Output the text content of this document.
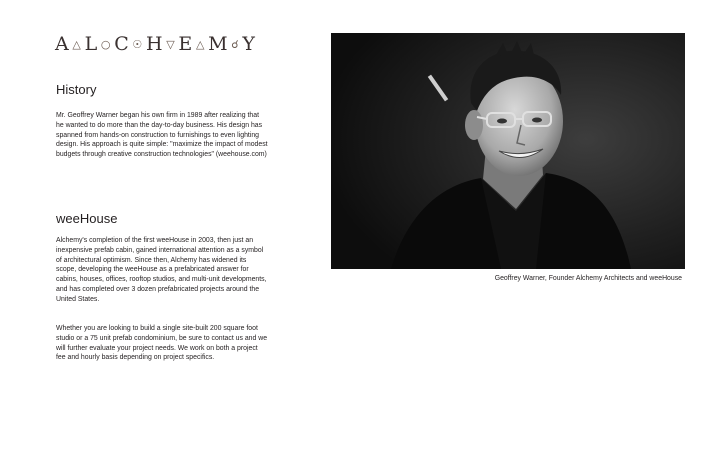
A △ L ○ C ☉ H ▽ E △ M ☌ Y
History

Mr. Geoffrey Warner began his own firm in 1989 after realizing that he wanted to do more than the day-to-day business. His design has spanned from hands-on construction to furnishings to even lighting design. His approach is quite simple: "maximize the impact of modest budgets through creative construction technologies" (weehouse.com)

weeHouse

Alchemy's completion of the first weeHouse in 2003, then just an inexpensive prefab cabin, gained international attention as a symbol of architectural optimism. Since then, Alchemy has widened its scope, developing the weeHouse as a prefabricated answer for cabins, houses, offices, rooftop studios, and multi-unit developments, and has completed over 3 dozen prefabricated projects around the United States.

Whether you are looking to build a single site-built 200 square foot studio or a 75 unit prefab condominium, be sure to contact us and we will further evaluate your project needs. We work on both a project fee and hourly basis depending on project specifics.

Geoffrey Warner, Founder Alchemy Architects and weeHouse
